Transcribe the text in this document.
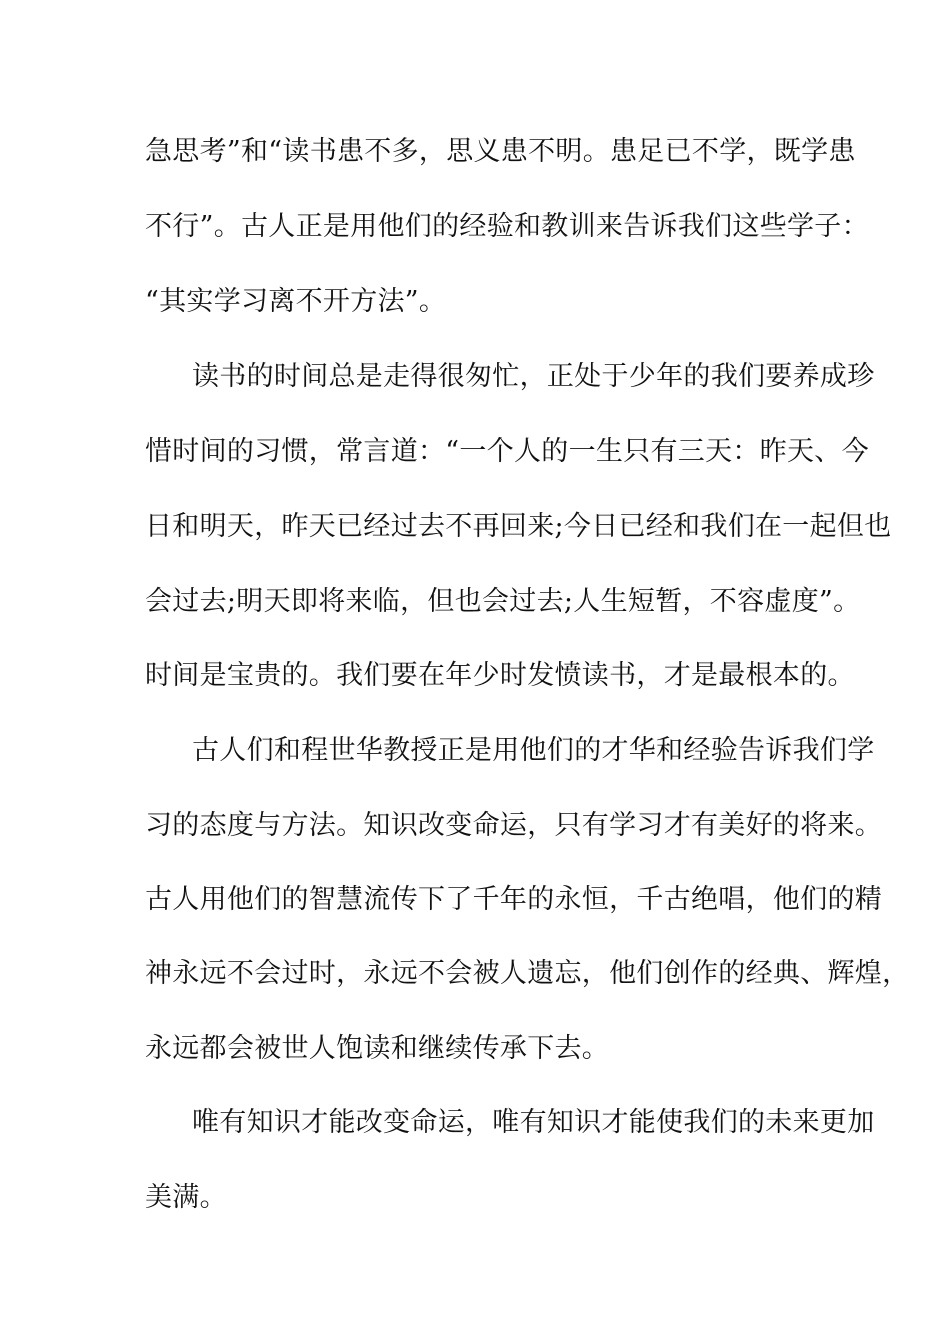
急思考”和“读书患不多，思义患不明。患足已不学，既学患
不行”。古人正是用他们的经验和教训来告诉我们这些学子：
“其实学习离不开方法”。
读书的时间总是走得很匆忙，正处于少年的我们要养成珍
惜时间的习惯，常言道：“一个人的一生只有三天：昨天、今
日和明天，昨天已经过去不再回来;今日已经和我们在一起但也
会过去;明天即将来临，但也会过去;人生短暂，不容虚度”。
时间是宝贵的。我们要在年少时发愤读书，才是最根本的。
古人们和程世华教授正是用他们的才华和经验告诉我们学
习的态度与方法。知识改变命运，只有学习才有美好的将来。
古人用他们的智慧流传下了千年的永恒，千古绝唱，他们的精
神永远不会过时，永远不会被人遗忘，他们创作的经典、辉煌，
永远都会被世人饱读和继续传承下去。
唯有知识才能改变命运，唯有知识才能使我们的未来更加
美满。
